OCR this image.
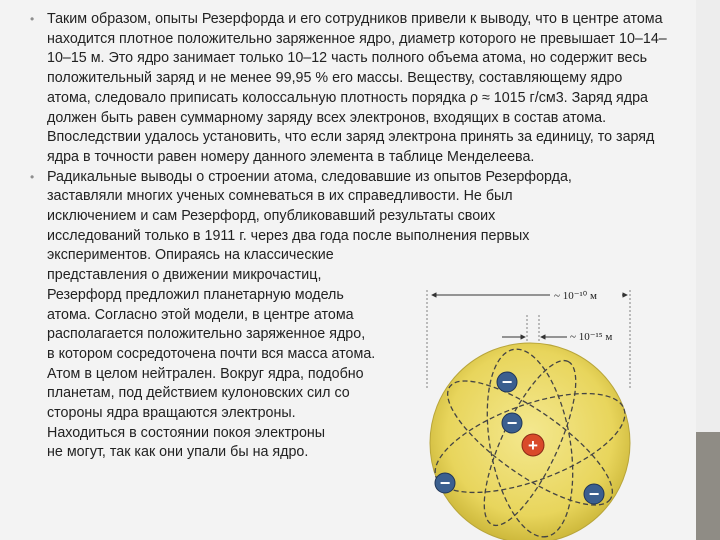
• Таким образом, опыты Резерфорда и его сотрудников привели к выводу, что в центре атома находится плотное положительно заряженное ядро, диаметр которого не превышает 10–14–10–15 м. Это ядро занимает только 10–12 часть полного объема атома, но содержит весь положительный заряд и не менее 99,95 % его массы. Веществу, составляющему ядро атома, следовало приписать колоссальную плотность порядка ρ ≈ 1015 г/см3. Заряд ядра должен быть равен суммарному заряду всех электронов, входящих в состав атома. Впоследствии удалось установить, что если заряд электрона принять за единицу, то заряд ядра в точности равен номеру данного элемента в таблице Менделеева.
• Радикальные выводы о строении атома, следовавшие из опытов Резерфорда,
заставляли многих ученых сомневаться в их справедливости. Не был
исключением и сам Резерфорд, опубликовавший результаты своих
исследований только в 1911 г. через два года после выполнения первых
экспериментов. Опираясь на классические
представления о движении микрочастиц,
Резерфорд предложил планетарную модель
атома. Согласно этой модели, в центре атома
располагается положительно заряженное ядро,
в котором сосредоточена почти вся масса атома.
Атом в целом нейтрален. Вокруг ядра, подобно
планетам, под действием кулоновских сил со
стороны ядра вращаются электроны.
Находиться в состоянии покоя электроны
не могут, так как они упали бы на ядро.
~ 10⁻¹⁰ м
~ 10⁻¹⁵ м
+
−
−
−
−
